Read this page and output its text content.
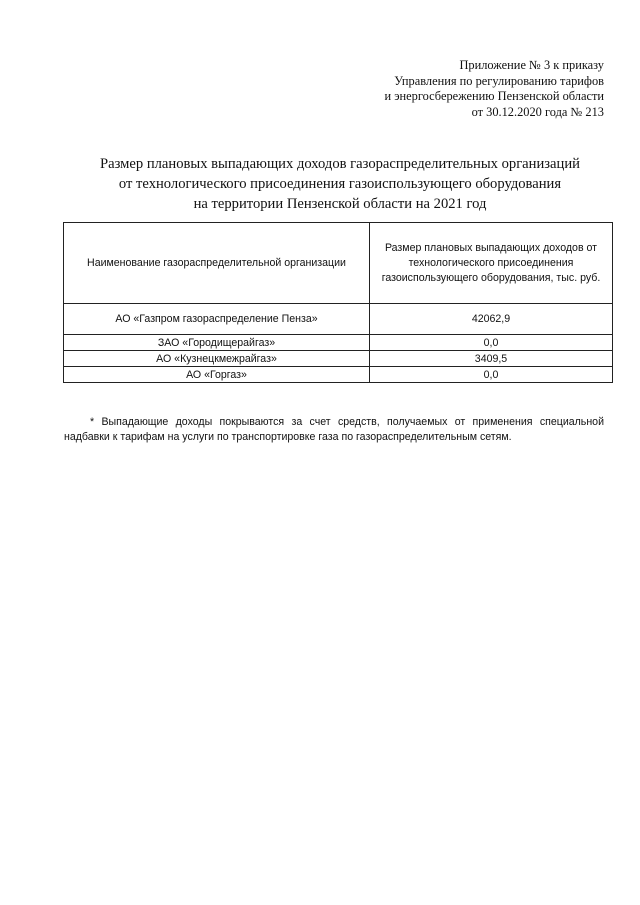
Приложение № 3 к приказу
Управления по регулированию тарифов
и энергосбережению Пензенской области
от 30.12.2020 года № 213
Размер плановых выпадающих доходов газораспределительных организаций
от технологического присоединения газоиспользующего оборудования
на территории Пензенской области на 2021 год
Наименование газораспределительной организации	Размер плановых выпадающих доходов от технологического присоединения газоиспользующего оборудования, тыс. руб.
АО «Газпром газораспределение Пенза»	42062,9
ЗАО «Городищерайгаз»	0,0
АО «Кузнецкмежрайгаз»	3409,5
АО «Горгаз»	0,0

* Выпадающие доходы покрываются за счет средств, получаемых от применения специальной надбавки к тарифам на услуги по транспортировке газа по газораспределительным сетям.
